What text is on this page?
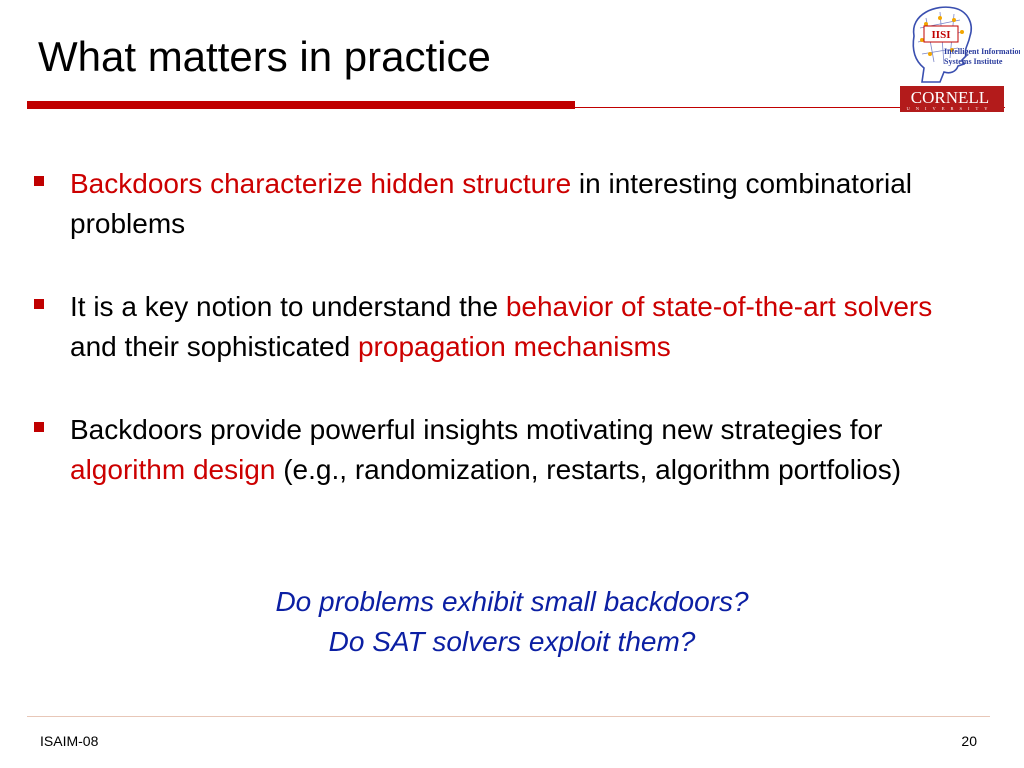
What matters in practice	IISI
Intelligent Information
Systems Institute
CORNELL
UNIVERSITY
Backdoors characterize hidden structure in interesting combinatorial problems
It is a key notion to understand the behavior of state-of-the-art solvers and their sophisticated propagation mechanisms
Backdoors provide powerful insights motivating new strategies for algorithm design (e.g., randomization, restarts, algorithm portfolios)
Do problems exhibit small backdoors?
Do SAT solvers exploit them?
ISAIM-08	20
